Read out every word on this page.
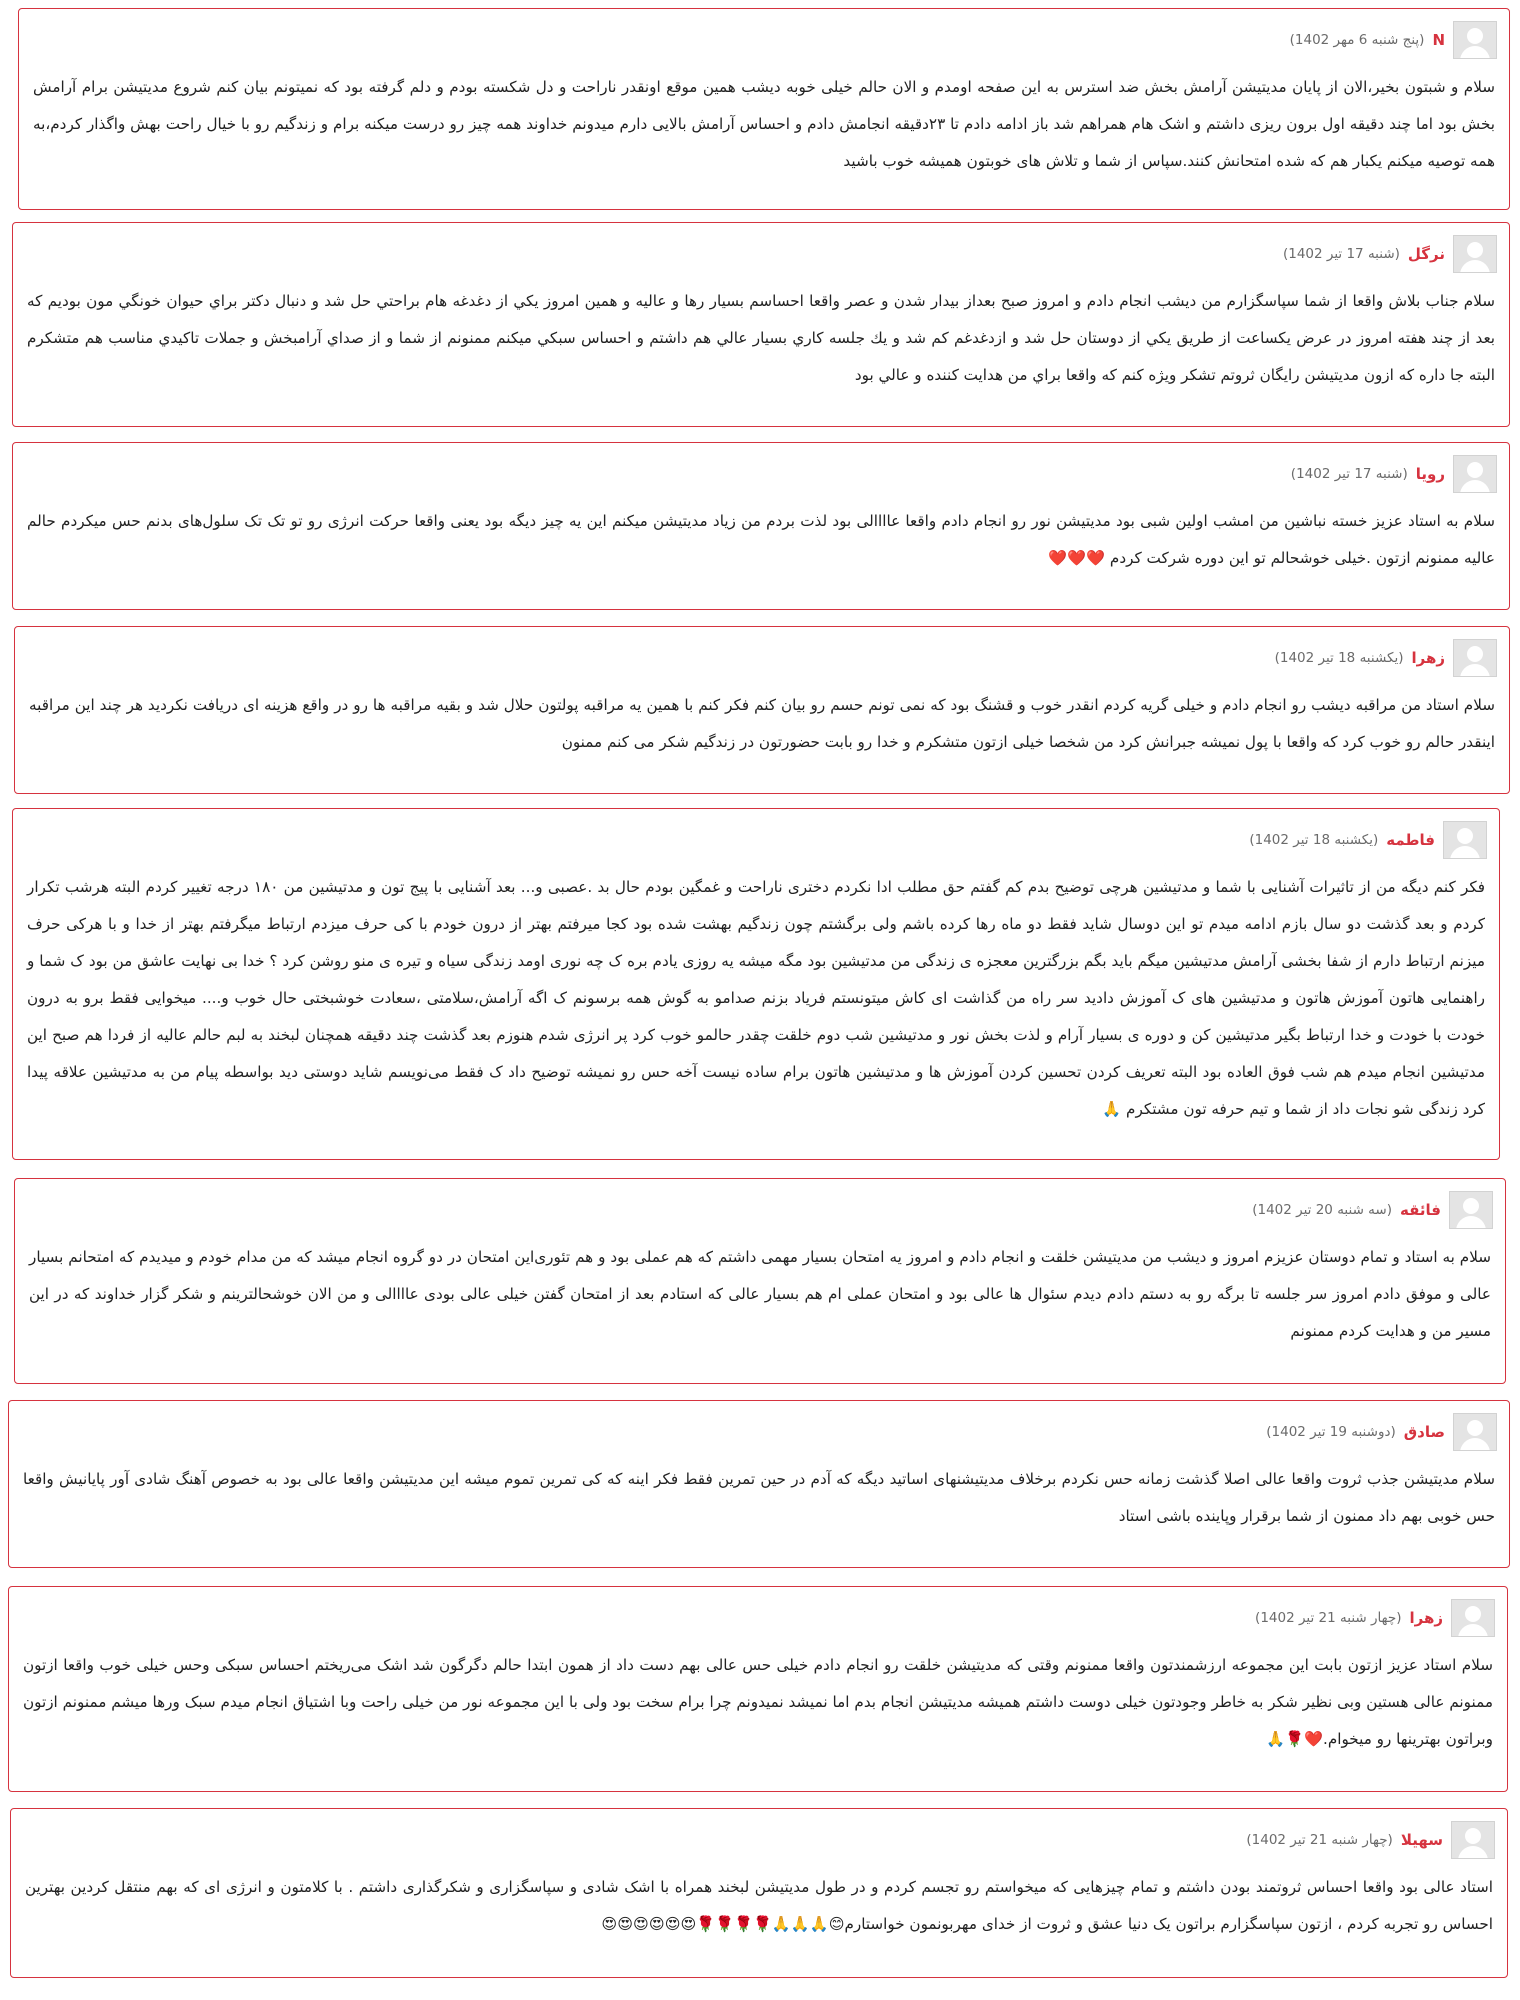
N
(پنج شنبه 6 مهر 1402)
سلام و شبتون بخیر،الان از پایان مدیتیشن آرامش بخش ضد استرس به این صفحه اومدم و الان حالم خیلی خوبه دیشب همین موقع اونقدر ناراحت و دل شکسته بودم و دلم گرفته بود که نمیتونم بیان کنم شروع مدیتیشن برام آرامش بخش بود اما چند دقیقه اول برون ریزی داشتم و اشک هام همراهم شد باز ادامه دادم تا ۲۳دقیقه انجامش دادم و احساس آرامش بالایی دارم میدونم خداوند همه چیز رو درست میکنه برام و زندگیم رو با خیال راحت بهش واگذار کردم،به همه توصیه میکنم یکبار هم که شده امتحانش کنند.سپاس از شما و تلاش های خوبتون همیشه خوب باشید
نرگل
(شنبه 17 تیر 1402)
سلام جناب بلاش واقعا از شما سپاسگزارم من ديشب انجام دادم و امروز صبح بعداز بيدار شدن و عصر واقعا احساسم بسيار رها و عاليه و همين امروز يكي از دغدغه هام براحتي حل شد و دنبال دكتر براي حيوان خونگي مون بوديم كه بعد از چند هفته امروز در عرض يكساعت از طريق يكي از دوستان حل شد و ازدغدغم كم شد و يك جلسه كاري بسيار عالي هم داشتم و احساس سبكي ميكنم ممنونم از شما و از صداي آرامبخش و جملات تاكيدي مناسب هم متشكرم البته جا داره كه ازون مديتيشن رايگان ثروتم تشكر ويژه كنم كه واقعا براي من هدايت كننده و عالي بود
رویا
(شنبه 17 تیر 1402)
سلام به استاد عزیز خسته نباشین من امشب اولین شبی بود مدیتیشن نور رو انجام دادم واقعا عاااالی بود لذت بردم من زیاد مدیتیشن میکنم این یه چیز دیگه بود یعنی واقعا حرکت انرژی رو تو تک تک سلول‌های بدنم حس میکردم حالم عالیه ممنونم ازتون .خیلی خوشحالم تو این دوره شرکت کردم ❤️❤️❤️
زهرا
(یکشنبه 18 تیر 1402)
سلام استاد من مراقبه دیشب رو انجام دادم و خیلی گریه کردم انقدر خوب و قشنگ بود که نمی تونم حسم رو بیان کنم فکر کنم با همین یه مراقبه پولتون حلال شد و بقیه مراقبه ها رو در واقع هزینه ای دریافت نکردید هر چند این مراقبه اینقدر حالم رو خوب کرد که واقعا با پول نمیشه جبرانش کرد من شخصا خیلی ازتون متشکرم و خدا رو بابت حضورتون در زندگیم شکر می کنم ممنون
فاطمه
(یکشنبه 18 تیر 1402)
فکر کنم دیگه من از تاثیرات آشنایی با شما و مدتیشین هرچی توضیح بدم کم گفتم حق مطلب ادا نکردم دختری ناراحت و غمگین بودم حال بد .عصبی و... بعد آشنایی با پیج تون و مدتیشین من ۱۸۰ درجه تغییر کردم البته هرشب تکرار کردم و بعد گذشت دو سال بازم ادامه میدم تو این دوسال شاید فقط دو ماه رها کرده باشم ولی برگشتم چون زندگیم بهشت شده بود کجا میرفتم بهتر از درون خودم با کی حرف میزدم ارتباط میگرفتم بهتر از خدا و با هرکی حرف میزنم ارتباط دارم از شفا بخشی آرامش مدتیشین میگم باید بگم بزرگترین معجزه ی زندگی من مدتیشین بود مگه میشه یه روزی یادم بره ک چه نوری اومد زندگی سیاه و تیره ی منو روشن کرد ؟ خدا بی نهایت عاشق من بود ک شما و راهنمایی هاتون آموزش هاتون و مدتیشین های ک آموزش دادید سر راه من گذاشت ای کاش میتونستم فریاد بزنم صدامو به گوش همه برسونم ک اگه آرامش،سلامتی ،سعادت خوشبختی حال خوب و.... میخوایی فقط برو به درون خودت با خودت و خدا ارتباط بگیر مدتیشین کن و دوره ی بسیار آرام و لذت بخش نور و مدتیشین شب دوم خلقت چقدر حالمو خوب کرد پر انرژی شدم هنوزم بعد گذشت چند دقیقه همچنان لبخند به لبم حالم عالیه از فردا هم صبح این مدتیشین انجام میدم هم شب فوق العاده بود البته تعریف کردن تحسین کردن آموزش ها و مدتیشین هاتون برام ساده نیست آخه حس رو نمیشه توضیح داد ک فقط می‌نویسم شاید دوستی دید بواسطه پیام من به مدتیشین علاقه پیدا کرد زندگی شو نجات داد از شما و تیم حرفه تون مشتکرم 🙏
فائقه
(سه شنبه 20 تیر 1402)
سلام به استاد و تمام دوستان عزیزم امروز و دیشب من مدیتیشن خلقت و انجام دادم و امروز یه امتحان بسیار مهمی داشتم که هم عملی بود و هم تئوری‌این امتحان در دو گروه انجام میشد که من مدام خودم و میدیدم که امتحانم بسیار عالی و موفق دادم امروز سر جلسه تا برگه رو به دستم دادم دیدم سئوال ها عالی بود و امتحان عملی ام هم بسیار عالی که استادم بعد از امتحان گفتن خیلی عالی بودی عاااالی و من الان خوشحالترینم و شکر گزار خداوند که در این مسیر من و هدایت کردم ممنونم
صادق
(دوشنبه 19 تیر 1402)
سلام مدیتیشن جذب ثروت واقعا عالی اصلا گذشت زمانه حس نکردم برخلاف مدیتیشنهای اساتید دیگه که آدم در حین تمرین فقط فکر اینه که کی تمرین تموم میشه این مدیتیشن واقعا عالی بود به خصوص آهنگ شادی آور پایانیش واقعا حس خوبی بهم داد ممنون از شما برقرار وپاینده باشی استاد
زهرا
(چهار شنبه 21 تیر 1402)
سلام استاد عزیز ازتون بابت این مجموعه ارزشمندتون واقعا ممنونم وقتی که مدیتیشن خلقت رو انجام دادم خیلی حس عالی بهم دست داد از همون ابتدا حالم دگرگون شد اشک می‌ریختم احساس سبکی وحس خیلی خوب واقعا ازتون ممنونم عالی هستین وبی نظیر شکر به خاطر وجودتون خیلی دوست داشتم همیشه مدیتیشن انجام بدم اما نمیشد نمیدونم چرا برام سخت بود ولی با این مجموعه نور من خیلی راحت وبا اشتیاق انجام میدم سبک ورها میشم ممنونم ازتون وبراتون بهترینها رو میخوام.❤️🌹🙏
سهیلا
(چهار شنبه 21 تیر 1402)
استاد عالی بود واقعا احساس ثروتمند بودن داشتم و تمام چیزهایی که میخواستم رو تجسم کردم و در طول مدیتیشن لبخند همراه با اشک شادی و سپاسگزاری و شکرگذاری داشتم . با کلامتون و انرژی ای که بهم منتقل کردین بهترین احساس رو تجربه کردم ، ازتون سپاسگزارم براتون یک دنیا عشق و ثروت از خدای مهربونمون خواستارم😊🙏🙏🙏🌹🌹🌹🌹😍😍😍😍😍😍
